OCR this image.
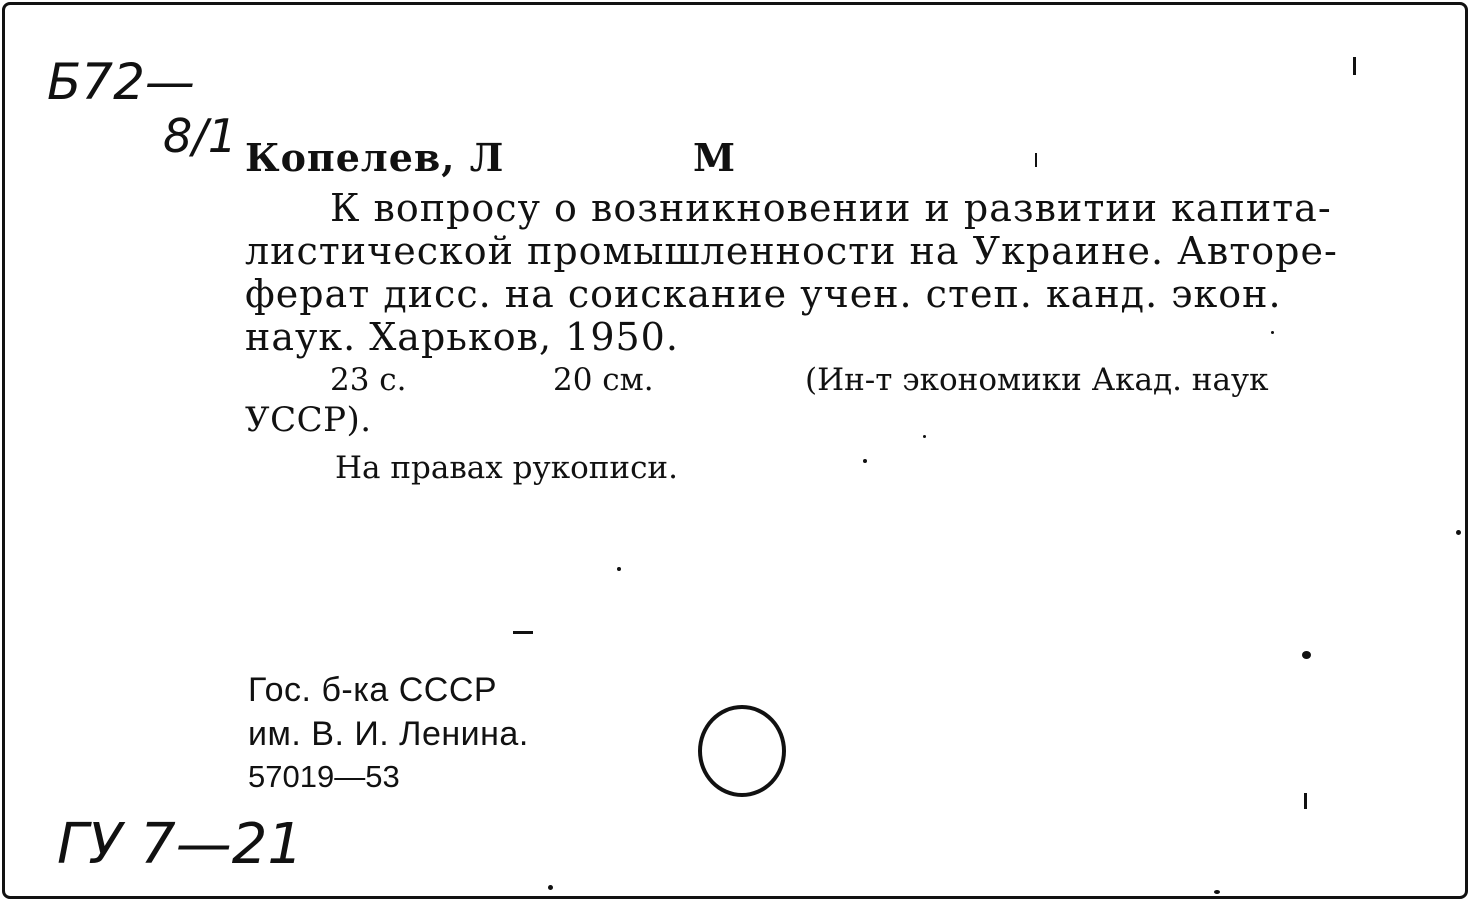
Б72—
8/1 Копелев, Л	М
К вопросу о возникновении и развитии капита-
листической промышленности на Украине. Авторе-
ферат дисс. на соискание учен. степ. канд. экон.
наук. Харьков, 1950.
23 с.	20 см.	(Ин-т экономики Акад. наук
УССР).
На правах рукописи.
Гос. б-ка СССР
им. В. И. Ленина.
57019—53
ГУ 7—21
